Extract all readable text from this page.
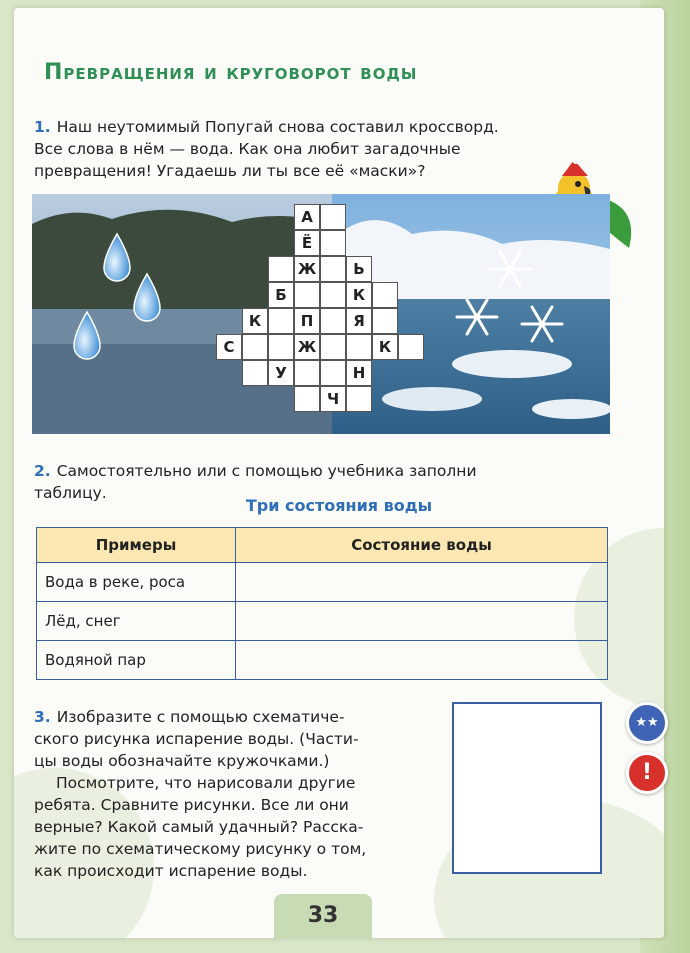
Превращения и круговорот воды
1. Наш неутомимый Попугай снова составил кроссворд.
Все слова в нём — вода. Как она любит загадочные
превращения! Угадаешь ли ты все её «маски»?
А
Ё
Ж	Ь
Б	К
К	П	Я
С	Ж	К
У	Н
Ч
2. Самостоятельно или с помощью учебника заполни
таблицу.
Три состояния воды
Примеры	Состояние воды
Вода в реке, роса	
Лёд, снег	
Водяной пар	
3. Изобразите с помощью схематиче-
ского рисунка испарение воды. (Части-
цы воды обозначайте кружочками.)
Посмотрите, что нарисовали другие
ребята. Сравните рисунки. Все ли они
верные? Какой самый удачный? Расска-
жите по схематическому рисунку о том,
как происходит испарение воды.
33
★★
!
